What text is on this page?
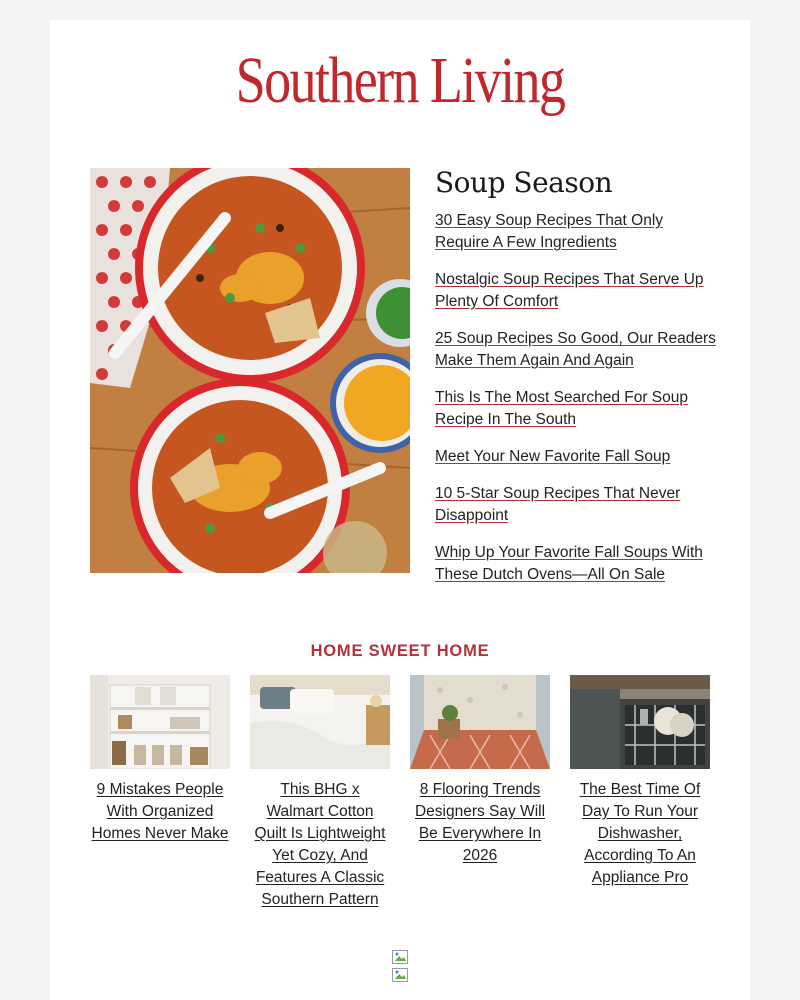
Southern Living
Soup Season
30 Easy Soup Recipes That Only Require A Few Ingredients
Nostalgic Soup Recipes That Serve Up Plenty Of Comfort
25 Soup Recipes So Good, Our Readers Make Them Again And Again
This Is The Most Searched For Soup Recipe In The South
Meet Your New Favorite Fall Soup
10 5-Star Soup Recipes That Never Disappoint
Whip Up Your Favorite Fall Soups With These Dutch Ovens—All On Sale
HOME SWEET HOME
9 Mistakes People With Organized Homes Never Make
This BHG x Walmart Cotton Quilt Is Lightweight Yet Cozy, And Features A Classic Southern Pattern
8 Flooring Trends Designers Say Will Be Everywhere In 2026
The Best Time Of Day To Run Your Dishwasher, According To An Appliance Pro
